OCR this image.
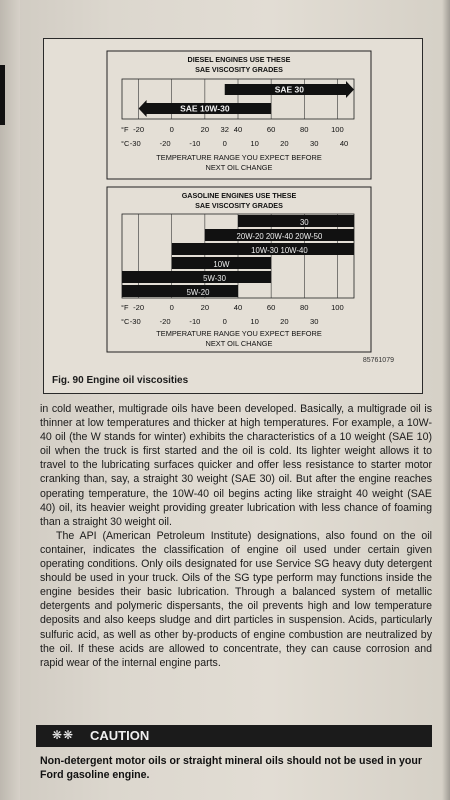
DIESEL ENGINES USE THESE
SAE VISCOSITY GRADES
SAE 30
SAE 10W-30
°F -20	0	20 32 40	60	80	100
°C -30 -20 -10	0	10	20	30	40
TEMPERATURE RANGE YOU EXPECT BEFORE
NEXT OIL CHANGE
GASOLINE ENGINES USE THESE
SAE VISCOSITY GRADES
30
20W-20 20W-40 20W-50
10W-30 10W-40
10W
5W-30
5W-20
°F -20	0	20	40	60	80	100
°C -30 -20 -10	0	10	20	30
TEMPERATURE RANGE YOU EXPECT BEFORE
NEXT OIL CHANGE
85761079
Fig. 90 Engine oil viscosities

in cold weather, multigrade oils have been developed. Basically, a multigrade oil is thinner at low temperatures and thicker at high temperatures. For example, a 10W-40 oil (the W stands for winter) exhibits the characteristics of a 10 weight (SAE 10) oil when the truck is first started and the oil is cold. Its lighter weight allows it to travel to the lubricating surfaces quicker and offer less resistance to starter motor cranking than, say, a straight 30 weight (SAE 30) oil. But after the engine reaches operating temperature, the 10W-40 oil begins acting like straight 40 weight (SAE 40) oil, its heavier weight providing greater lubrication with less chance of foaming than a straight 30 weight oil.

The API (American Petroleum Institute) designations, also found on the oil container, indicates the classification of engine oil used under certain given operating conditions. Only oils designated for use Service SG heavy duty detergent should be used in your truck. Oils of the SG type perform may functions inside the engine besides their basic lubrication. Through a balanced system of metallic detergents and polymeric dispersants, the oil prevents high and low temperature deposits and also keeps sludge and dirt particles in suspension. Acids, particularly sulfuric acid, as well as other by-products of engine combustion are neutralized by the oil. If these acids are allowed to concentrate, they can cause corrosion and rapid wear of the internal engine parts.

❋❋ CAUTION
Non-detergent motor oils or straight mineral oils should not be used in your Ford gasoline engine.
